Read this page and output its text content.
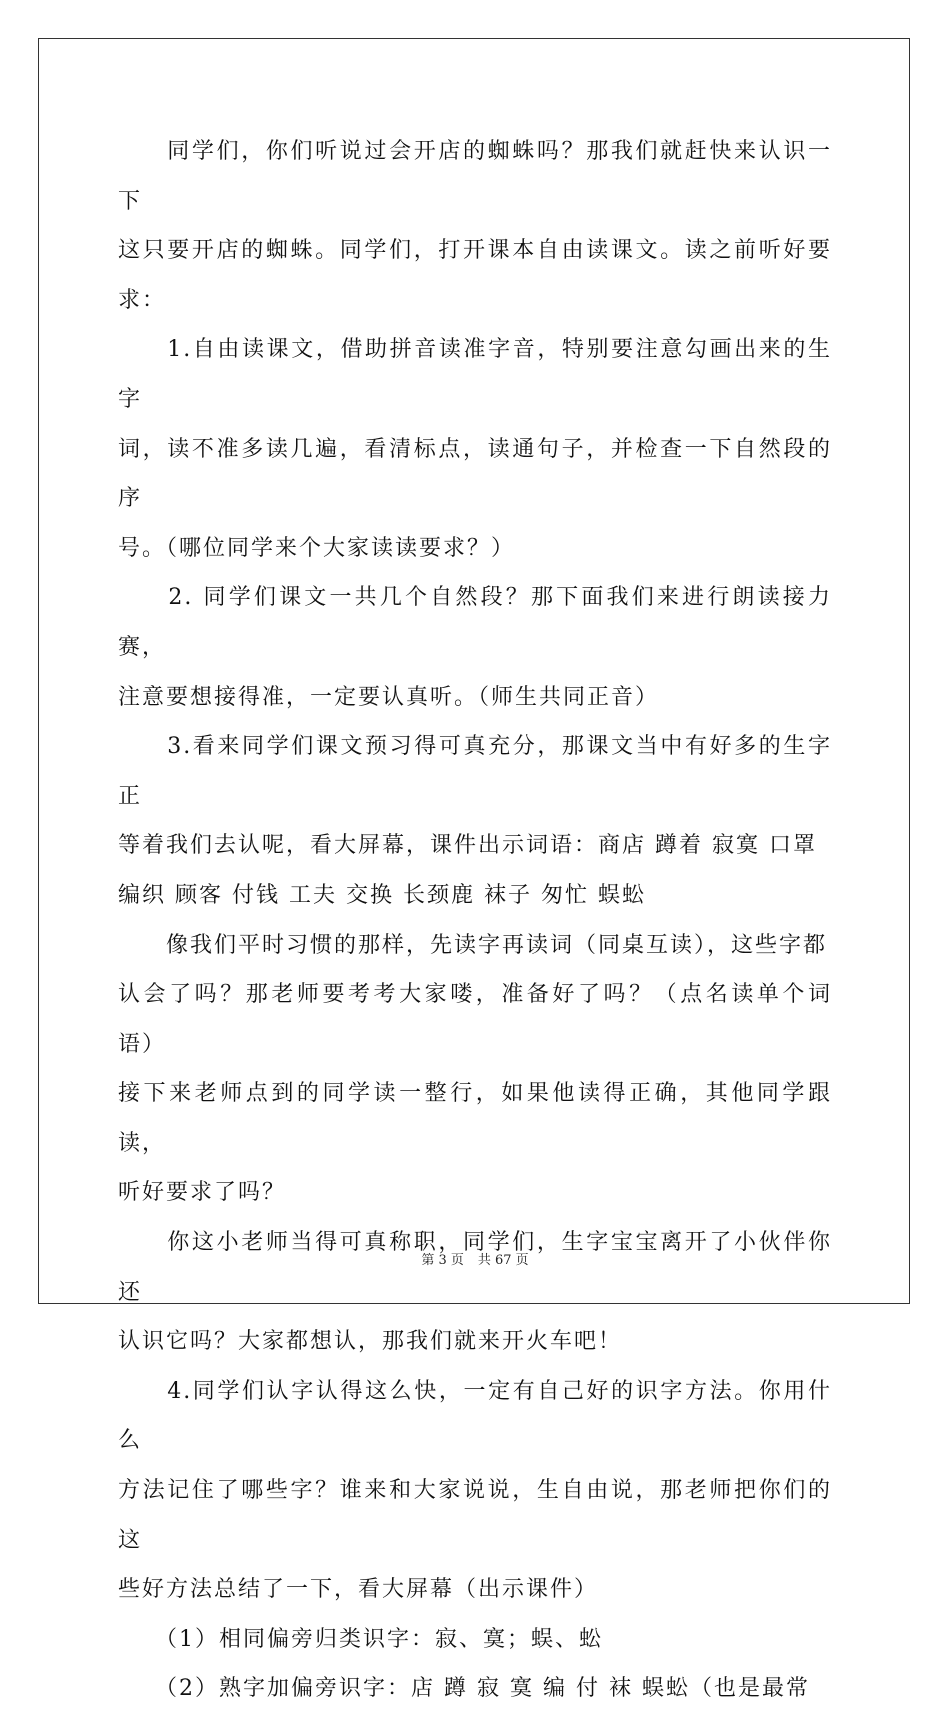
　　同学们，你们听说过会开店的蜘蛛吗？那我们就赶快来认识一下
这只要开店的蜘蛛。同学们，打开课本自由读课文。读之前听好要求：

　　1.自由读课文，借助拼音读准字音，特别要注意勾画出来的生字
词，读不准多读几遍，看清标点，读通句子，并检查一下自然段的序
号。（哪位同学来个大家读读要求？）

　　2. 同学们课文一共几个自然段？那下面我们来进行朗读接力赛，
注意要想接得准，一定要认真听。（师生共同正音）

　　3.看来同学们课文预习得可真充分，那课文当中有好多的生字正
等着我们去认呢，看大屏幕，课件出示词语：商店 蹲着 寂寞 口罩
编织 顾客 付钱 工夫 交换 长颈鹿 袜子 匆忙 蜈蚣

　　像我们平时习惯的那样，先读字再读词（同桌互读），这些字都
认会了吗？那老师要考考大家喽，准备好了吗？（点名读单个词语）
接下来老师点到的同学读一整行，如果他读得正确，其他同学跟读，
听好要求了吗？

　　你这小老师当得可真称职，同学们，生字宝宝离开了小伙伴你还
认识它吗？大家都想认，那我们就来开火车吧！

　　4.同学们认字认得这么快，一定有自己好的识字方法。你用什么
方法记住了哪些字？谁来和大家说说，生自由说，那老师把你们的这
些好方法总结了一下，看大屏幕（出示课件）

　　（1）相同偏旁归类识字：寂、寞；蜈、蚣

　　（2）熟字加偏旁识字：店 蹲 寂 寞 编 付 袜 蜈蚣（也是最常

第 3 页 共 67 页
